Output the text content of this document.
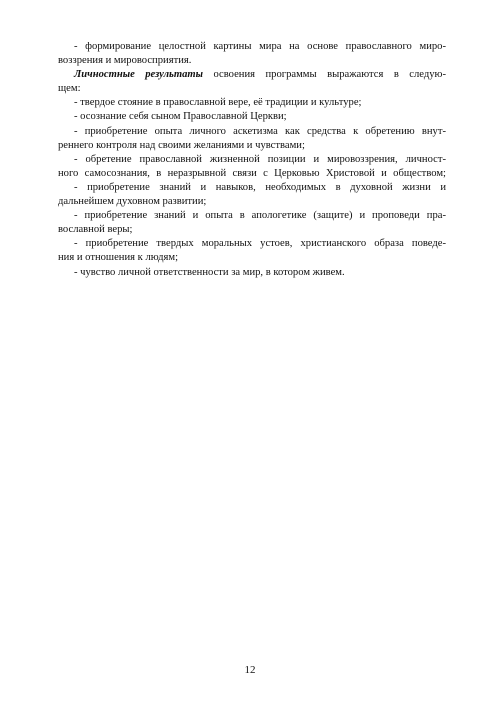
- формирование целостной картины мира на основе православного миро-
воззрения и мировосприятия.

Личностные результаты освоения программы выражаются в следую-
щем:

- твердое стояние в православной вере, её традиции и культуре;

- осознание себя сыном Православной Церкви;

- приобретение опыта личного аскетизма как средства к обретению внут-
реннего контроля над своими желаниями и чувствами;

- обретение православной жизненной позиции и мировоззрения, личност-
ного самосознания, в неразрывной связи с Церковью Христовой и обществом;

- приобретение знаний и навыков, необходимых в духовной жизни и
дальнейшем духовном развитии;

- приобретение знаний и опыта в апологетике (защите) и проповеди пра-
вославной веры;

- приобретение твердых моральных устоев, христианского образа поведе-
ния и отношения к людям;

- чувство личной ответственности за мир, в котором живем.

12
